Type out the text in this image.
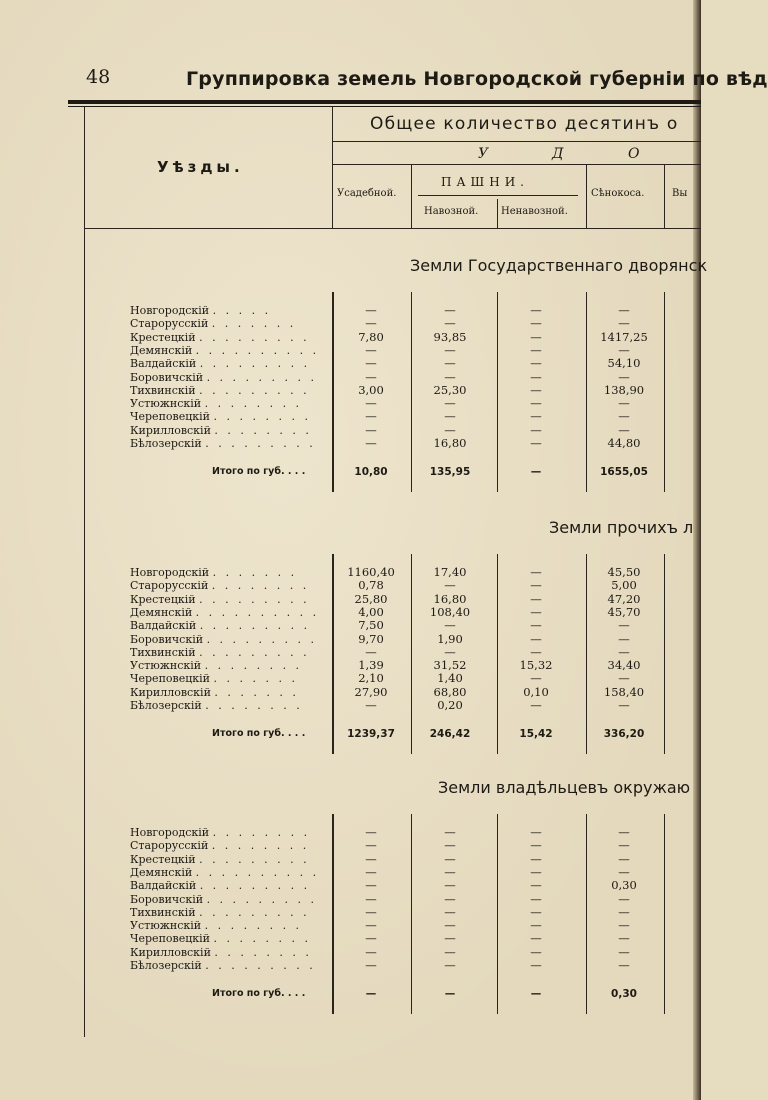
48	Группировка земель Новгородской губернiи по вѣд
Общее количество десятинъ о
Уѣзды.
У	Д	О
Усадебной.
ПАШНИ.
Навозной. Ненавозной.
Сѣнокоса.	Вы
Земли Государственнаго дворянск
Земли прочихъ л
Земли владѣльцевъ окружаю
Новгородскiй . . . . .	—	—	—	—
Старорусскiй . . . . . . .	—	—	—	—
Крестецкiй . . . . . . . . .	7,80	93,85	—	1417,25
Демянскiй . . . . . . . . . .	—	—	—	—
Валдайскiй . . . . . . . . .	—	—	—	54,10
Боровичскiй . . . . . . . . .	—	—	—	—
Тихвинскiй . . . . . . . . .	3,00	25,30	—	138,90
Устюжнскiй . . . . . . . .	—	—	—	—
Череповецкiй . . . . . . . .	—	—	—	—
Кирилловскiй . . . . . . . .	—	—	—	—
Бѣлозерскiй . . . . . . . . .	—	16,80	—	44,80
Итого по губ. . . .	10,80	135,95	—	1655,05
Новгородскiй . . . . . . .	1160,40	17,40	—	45,50
Старорусскiй . . . . . . . .	0,78	—	—	5,00
Крестецкiй . . . . . . . . .	25,80	16,80	—	47,20
Демянскiй . . . . . . . . . .	4,00	108,40	—	45,70
Валдайскiй . . . . . . . . .	7,50	—	—	—
Боровичскiй . . . . . . . . .	9,70	1,90	—	—
Тихвинскiй . . . . . . . . .	—	—	—	—
Устюжнскiй . . . . . . . .	1,39	31,52	15,32	34,40
Череповецкiй . . . . . . .	2,10	1,40	—	—
Кирилловскiй . . . . . . .	27,90	68,80	0,10	158,40
Бѣлозерскiй . . . . . . . .	—	0,20	—	—
Итого по губ. . . .	1239,37	246,42	15,42	336,20
Новгородскiй . . . . . . . .	—	—	—	—
Старорусскiй . . . . . . . .	—	—	—	—
Крестецкiй . . . . . . . . .	—	—	—	—
Демянскiй . . . . . . . . . .	—	—	—	—
Валдайскiй . . . . . . . . .	—	—	—	0,30
Боровичскiй . . . . . . . . .	—	—	—	—
Тихвинскiй . . . . . . . . .	—	—	—	—
Устюжнскiй . . . . . . . .	—	—	—	—
Череповецкiй . . . . . . . .	—	—	—	—
Кирилловскiй . . . . . . . .	—	—	—	—
Бѣлозерскiй . . . . . . . . .	—	—	—	—
Итого по губ. . . .	—	—	—	0,30
